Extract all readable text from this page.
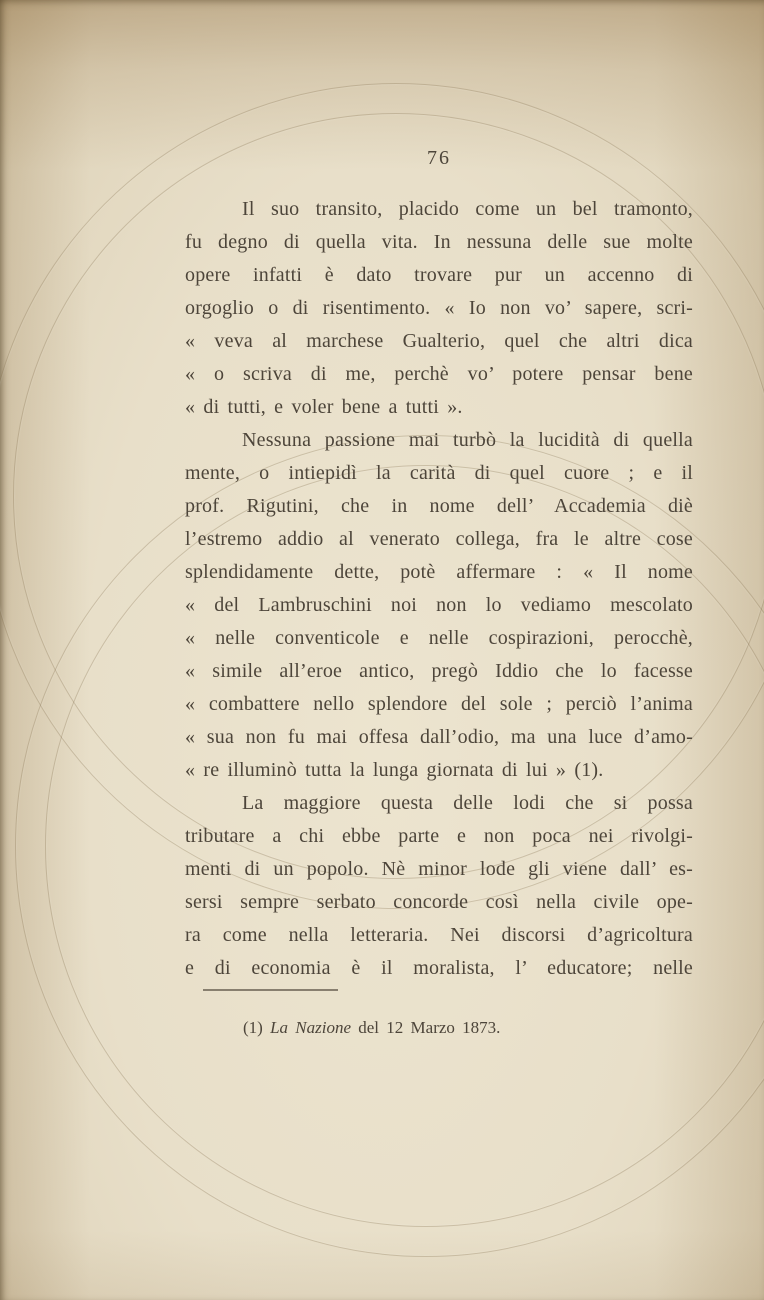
76
Il suo transito, placido come un bel tramonto,
fu degno di quella vita. In nessuna delle sue molte
opere infatti è dato trovare pur un accenno di
orgoglio o di risentimento. « Io non vo’ sapere, scri-
« veva al marchese Gualterio, quel che altri dica
« o scriva di me, perchè vo’ potere pensar bene
« di tutti, e voler bene a tutti ».
Nessuna passione mai turbò la lucidità di quella
mente, o intiepidì la carità di quel cuore ; e il
prof. Rigutini, che in nome dell’ Accademia diè
l’estremo addio al venerato collega, fra le altre cose
splendidamente dette, potè affermare : « Il nome
« del Lambruschini noi non lo vediamo mescolato
« nelle conventicole e nelle cospirazioni, perocchè,
« simile all’eroe antico, pregò Iddio che lo facesse
« combattere nello splendore del sole ; perciò l’anima
« sua non fu mai offesa dall’odio, ma una luce d’amo-
« re illuminò tutta la lunga giornata di lui » (1).
La maggiore questa delle lodi che si possa
tributare a chi ebbe parte e non poca nei rivolgi-
menti di un popolo. Nè minor lode gli viene dall’ es-
sersi sempre serbato concorde così nella civile ope-
ra come nella letteraria. Nei discorsi d’agricoltura
e di economia è il moralista, l’ educatore; nelle
(1) La Nazione del 12 Marzo 1873.
